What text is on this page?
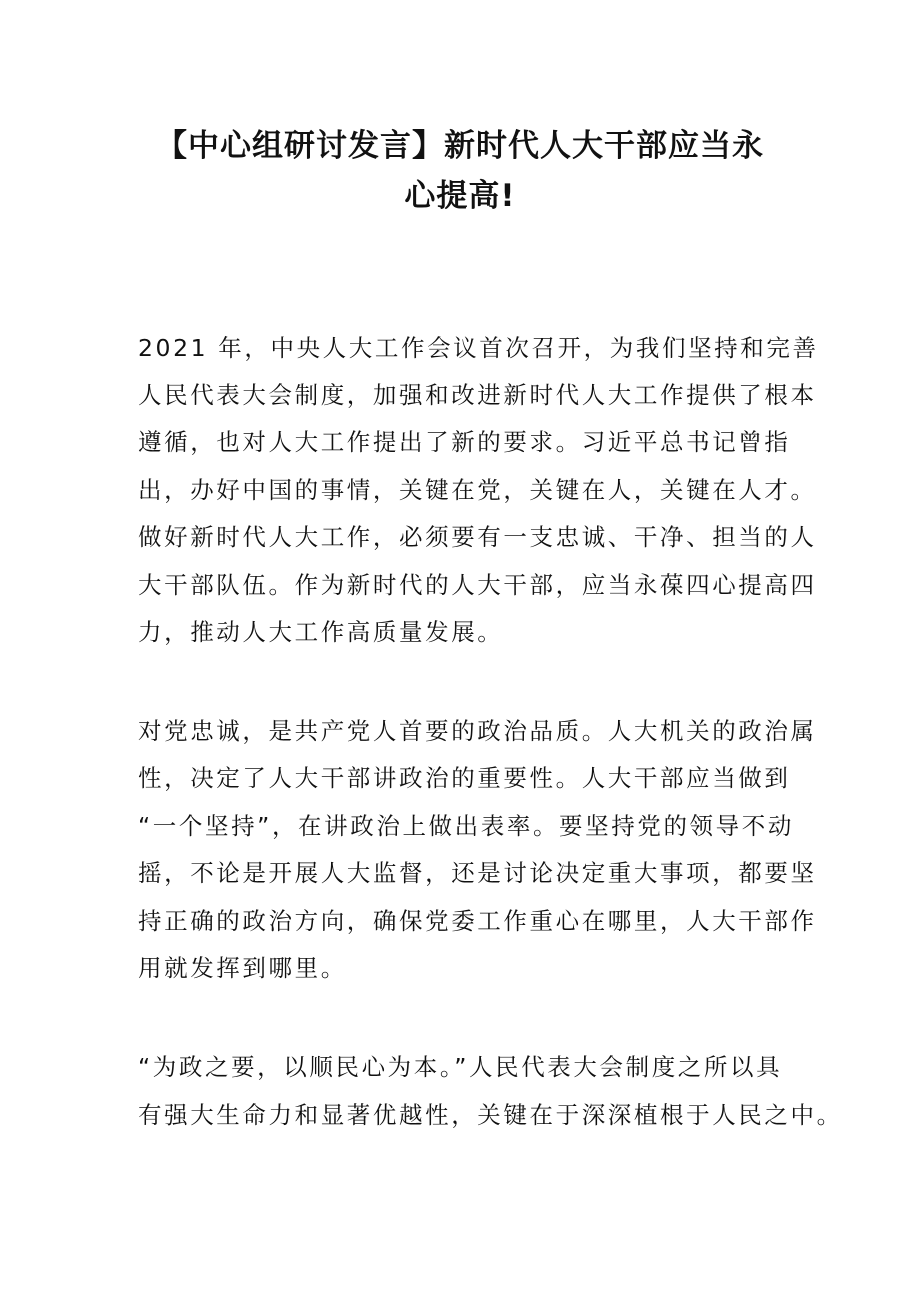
【中心组研讨发言】新时代人大干部应当永
心提高!
2021 年，中央人大工作会议首次召开，为我们坚持和完善
人民代表大会制度，加强和改进新时代人大工作提供了根本
遵循，也对人大工作提出了新的要求。习近平总书记曾指
出，办好中国的事情，关键在党，关键在人，关键在人才。
做好新时代人大工作，必须要有一支忠诚、干净、担当的人
大干部队伍。作为新时代的人大干部，应当永葆四心提高四
力，推动人大工作高质量发展。
对党忠诚，是共产党人首要的政治品质。人大机关的政治属
性，决定了人大干部讲政治的重要性。人大干部应当做到
“一个坚持”，在讲政治上做出表率。要坚持党的领导不动
摇，不论是开展人大监督，还是讨论决定重大事项，都要坚
持正确的政治方向，确保党委工作重心在哪里，人大干部作
用就发挥到哪里。
“为政之要，以顺民心为本。”人民代表大会制度之所以具
有强大生命力和显著优越性，关键在于深深植根于人民之中。
